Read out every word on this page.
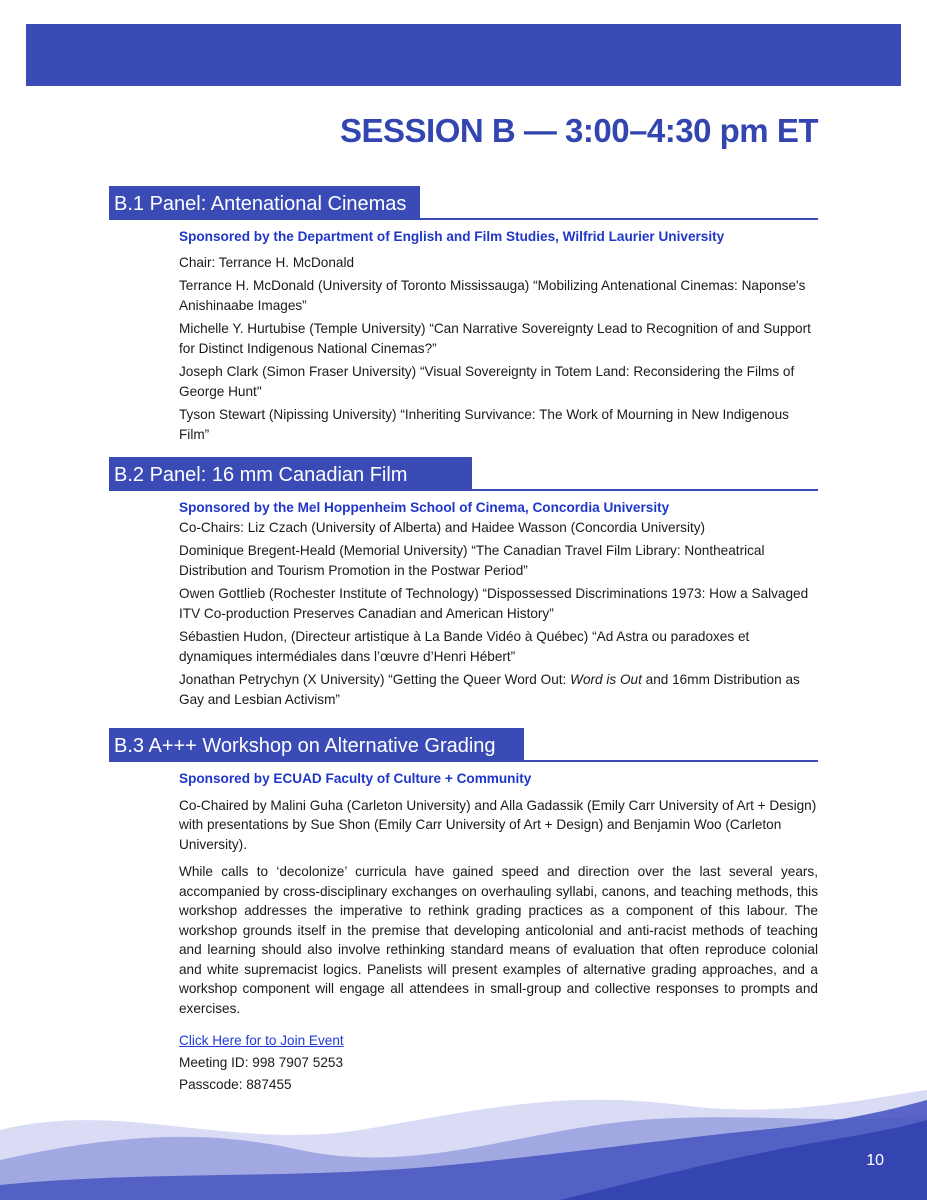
SESSION B — 3:00–4:30 pm ET
B.1 Panel: Antenational Cinemas
Sponsored by the Department of English and Film Studies, Wilfrid Laurier University

Chair: Terrance H. McDonald

Terrance H. McDonald (University of Toronto Mississauga) “Mobilizing Antenational Cinemas: Naponse's Anishinaabe Images”

Michelle Y. Hurtubise (Temple University) “Can Narrative Sovereignty Lead to Recognition of and Support for Distinct Indigenous National Cinemas?”

Joseph Clark (Simon Fraser University) “Visual Sovereignty in Totem Land: Reconsidering the Films of George Hunt"

Tyson Stewart (Nipissing University) “Inheriting Survivance: The Work of Mourning in New Indigenous Film”

B.2 Panel: 16 mm Canadian Film
Sponsored by the Mel Hoppenheim School of Cinema, Concordia University

Co-Chairs: Liz Czach (University of Alberta) and Haidee Wasson (Concordia University)

Dominique Bregent-Heald (Memorial University) “The Canadian Travel Film Library: Nontheatrical Distribution and Tourism Promotion in the Postwar Period”

Owen Gottlieb (Rochester Institute of Technology) “Dispossessed Discriminations 1973: How a Salvaged ITV Co-production Preserves Canadian and American History”

Sébastien Hudon, (Directeur artistique à La Bande Vidéo à Québec) “Ad Astra ou paradoxes et dynamiques intermédiales dans l’œuvre d’Henri Hébert”

Jonathan Petrychyn (X University) “Getting the Queer Word Out: Word is Out and 16mm Distribution as Gay and Lesbian Activism”

B.3 A+++ Workshop on Alternative Grading
Sponsored by ECUAD Faculty of Culture + Community

Co-Chaired by Malini Guha (Carleton University) and Alla Gadassik (Emily Carr University of Art + Design) with presentations by Sue Shon (Emily Carr University of Art + Design) and Benjamin Woo (Carleton University).

While calls to ‘decolonize’ curricula have gained speed and direction over the last several years, accompanied by cross-disciplinary exchanges on overhauling syllabi, canons, and teaching methods, this workshop addresses the imperative to rethink grading practices as a component of this labour. The workshop grounds itself in the premise that developing anticolonial and anti-racist methods of teaching and learning should also involve rethinking standard means of evaluation that often reproduce colonial and white supremacist logics. Panelists will present examples of alternative grading approaches, and a workshop component will engage all attendees in small-group and collective responses to prompts and exercises.

Click Here for to Join Event
Meeting ID: 998 7907 5253
Passcode: 887455
10
